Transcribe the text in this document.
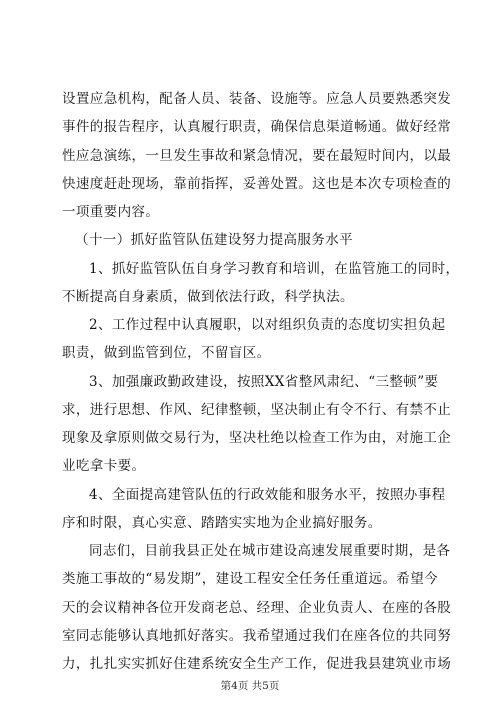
设置应急机构，配备人员、装备、设施等。应急人员要熟悉突发
事件的报告程序，认真履行职责，确保信息渠道畅通。做好经常
性应急演练，一旦发生事故和紧急情况，要在最短时间内，以最
快速度赶赴现场，靠前指挥，妥善处置。这也是本次专项检查的
一项重要内容。
（十一）抓好监管队伍建设努力提高服务水平
1、抓好监管队伍自身学习教育和培训，在监管施工的同时，
不断提高自身素质，做到依法行政，科学执法。
2、工作过程中认真履职，以对组织负责的态度切实担负起
职责，做到监管到位，不留盲区。
3、加强廉政勤政建设，按照XX省整风肃纪、“三整顿”要
求，进行思想、作风、纪律整顿，坚决制止有令不行、有禁不止
现象及拿原则做交易行为，坚决杜绝以检查工作为由，对施工企
业吃拿卡要。
4、全面提高建管队伍的行政效能和服务水平，按照办事程
序和时限，真心实意、踏踏实实地为企业搞好服务。
同志们，目前我县正处在城市建设高速发展重要时期，是各
类施工事故的“易发期”，建设工程安全任务任重道远。希望今
天的会议精神各位开发商老总、经理、企业负责人、在座的各股
室同志能够认真地抓好落实。我希望通过我们在座各位的共同努
力，扎扎实实抓好住建系统安全生产工作，促进我县建筑业市场
第4页 共5页
